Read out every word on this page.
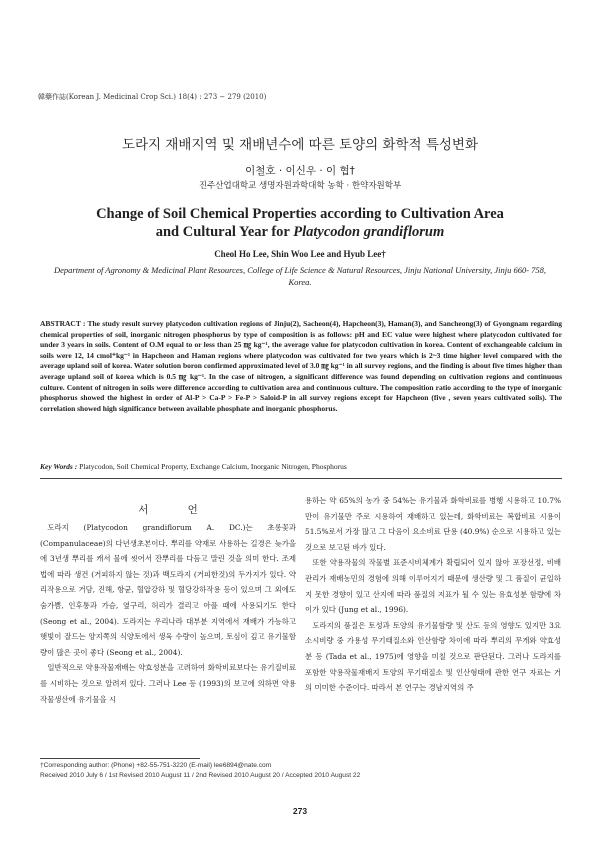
韓藥作誌(Korean J. Medicinal Crop Sci.) 18(4) : 273 − 279 (2010)
도라지 재배지역 및 재배년수에 따른 토양의 화학적 특성변화
이철호 · 이신우 · 이 협†
진주산업대학교 생명자원과학대학 농학 · 한약자원학부
Change of Soil Chemical Properties according to Cultivation Area
and Cultural Year for Platycodon grandiflorum
Cheol Ho Lee, Shin Woo Lee and Hyub Lee†
Department of Agronomy & Medicinal Plant Resources, College of Life Science & Natural Resources, Jinju National University, Jinju 660- 758, Korea.
ABSTRACT : The study result survey platycodon cultivation regions of Jinju(2), Sacheon(4), Hapcheon(3), Haman(3), and Sancheong(3) of Gyongnam regarding chemical properties of soil, inorganic nitrogen phosphorus by type of composition is as follows: pH and EC value were highest where platycodon cultivated for under 3 years in soils. Content of O.M equal to or less than 25 ㎎ kg⁻¹, the average value for platycodon cultivation in korea. Content of exchangeable calcium in soils were 12, 14 cmol⁺kg⁻¹ in Hapcheon and Haman regions where platycodon was cultivated for two years which is 2~3 time higher level compared with the average upland soil of korea. Water solution boron confirmed approximated level of 3.0 ㎎ kg⁻¹ in all survey regions, and the finding is about five times higher than average upland soil of korea which is 0.5 ㎎ kg⁻¹. In the case of nitrogen, a significant difference was found depending on cultivation regions and continuous culture. Content of nitrogen in soils were difference according to cultivation area and continuous culture. The composition ratio according to the type of inorganic phosphorus showed the highest in order of Al-P > Ca-P > Fe-P > Saloid-P in all survey regions except for Hapcheon (five , seven years cultivated soils). The correlation showed high significance between available phosphate and inorganic phosphorus.
Key Words : Platycodon, Soil Chemical Property, Exchange Calcium, Inorganic Nitrogen, Phosphorus
서 언

도라지 (Platycodon grandiflorum A. DC.)는 초롱꽃과 (Companulaceae)의 다년생초본이다. 뿌리를 약재로 사용하는 길경은 늦가을에 3년생 뿌리를 캐서 물에 씻어서 잔뿌리를 다듬고 말린 것을 의미 한다. 조제법에 따라 생건 (거피하지 않는 것)과 백도라지 (거피한것)의 두가지가 있다. 약리작용으로 거담, 진해, 항균, 혈압강하 및 혈당강하작용 등이 있으며 그 외에도 숨가쁨, 인후통과 가슴, 옆구리, 허리가 결리고 아플 때에 사용되기도 한다 (Seong et al., 2004). 도라지는 우리나라 대부분 지역에서 재배가 가능하고 햇빛이 잘드는 양지쪽의 식양토에서 생육 수량이 높으며, 토심이 깊고 유기물함량이 많은 곳이 좋다 (Seong et al., 2004).

일반적으로 약용작물재배는 약효성분을 고려하여 화학비료보다는 유기질비료를 시비하는 것으로 알려져 있다. 그러나 Lee 등 (1993)의 보고에 의하면 약용작물생산에 유기물을 시

용하는 약 65%의 농가 중 54%는 유기물과 화학비료를 병행 시용하고 10.7%만이 유기물만 주로 시용하여 재배하고 있는데, 화학비료는 복합비료 시용이 51.5%로서 가장 많고 그 다음이 요소비료 단용 (40.9%) 순으로 시용하고 있는 것으로 보고된 바가 있다.

또한 약용작물의 작물별 표준시비체계가 확립되어 있지 않아 포장선정, 비배관리가 재배농민의 경험에 의해 이루어지기 때문에 생산량 및 그 품질이 균일하지 못한 경향이 있고 산지에 따라 품질의 지표가 될 수 있는 유효성분 함량에 차이가 있다 (Jung et al., 1996).

도라지의 품질은 토성과 토양의 유기물함량 및 산도 등의 영향도 있지만 3요소시비량 중 가용성 무기태질소와 인산함량 차이에 따라 뿌리의 무게와 약효성분 등 (Tada et al., 1975)에 영향을 미칠 것으로 판단된다. 그러나 도라지를 포함한 약용작물재배지 토양의 무기태질소 및 인산형태에 관한 연구 자료는 거의 미미한 수준이다. 따라서 본 연구는 경남지역의 주

†Corresponding author: (Phone) +82-55-751-3220 (E-mail) lee6894@nate.com
Received 2010 July 6 / 1st Revised 2010 August 11 / 2nd Revised 2010 August 20 / Accepted 2010 August 22
273
